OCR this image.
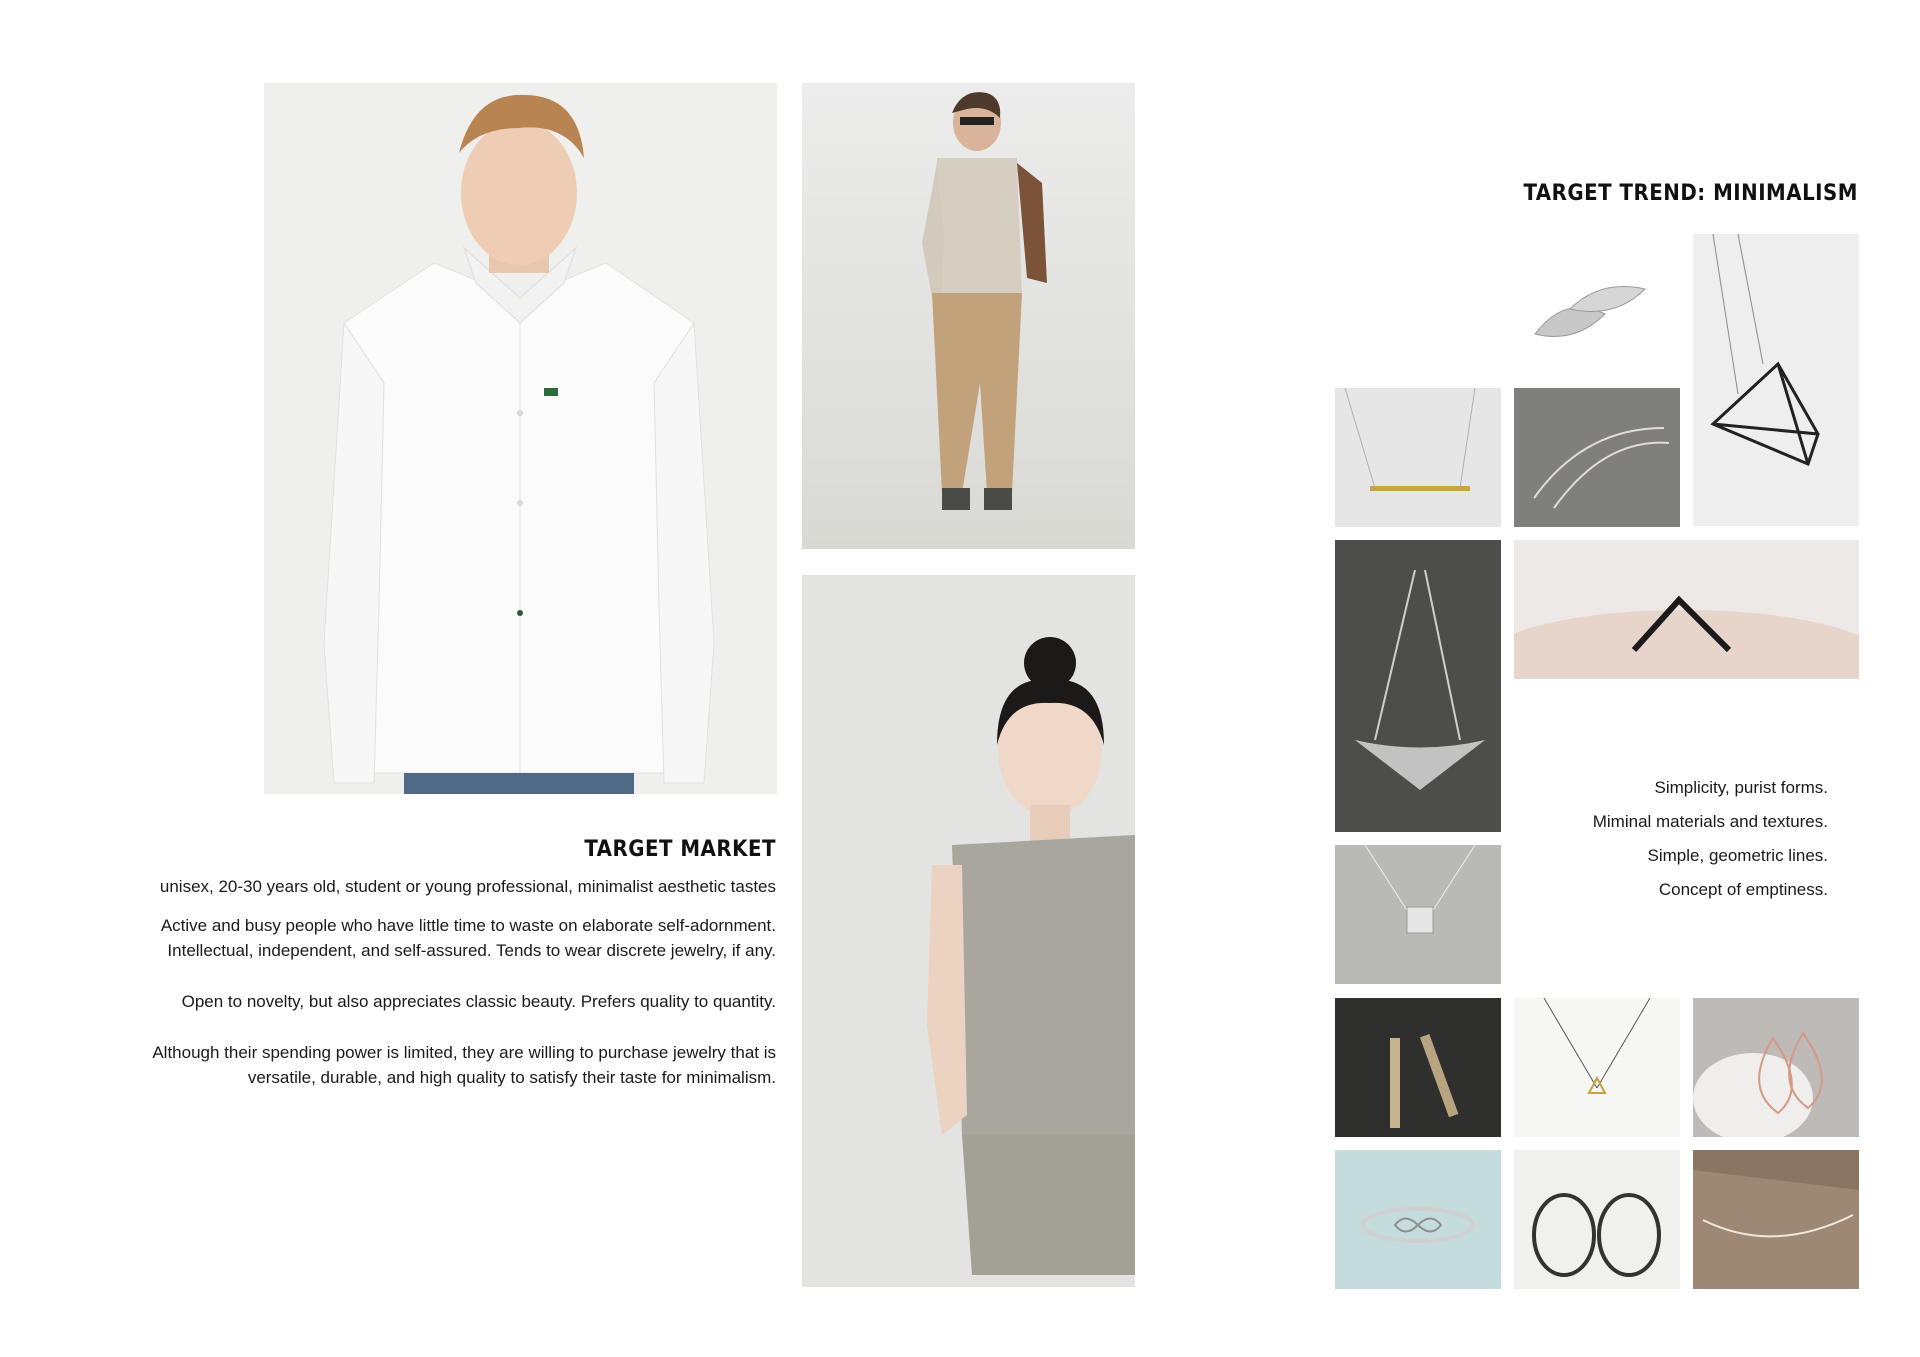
TARGET MARKET

unisex, 20-30 years old, student or young professional, minimalist aesthetic tastes

Active and busy people who have little time to waste on elaborate self-adornment.

Intellectual, independent, and self-assured. Tends to wear discrete jewelry, if any.

Open to novelty, but also appreciates classic beauty. Prefers quality to quantity.

Although their spending power is limited, they are willing to purchase jewelry that is

versatile, durable, and high quality to satisfy their taste for minimalism.

TARGET TREND: MINIMALISM
Simplicity, purist forms.
Miminal materials and textures.
Simple, geometric lines.
Concept of emptiness.
